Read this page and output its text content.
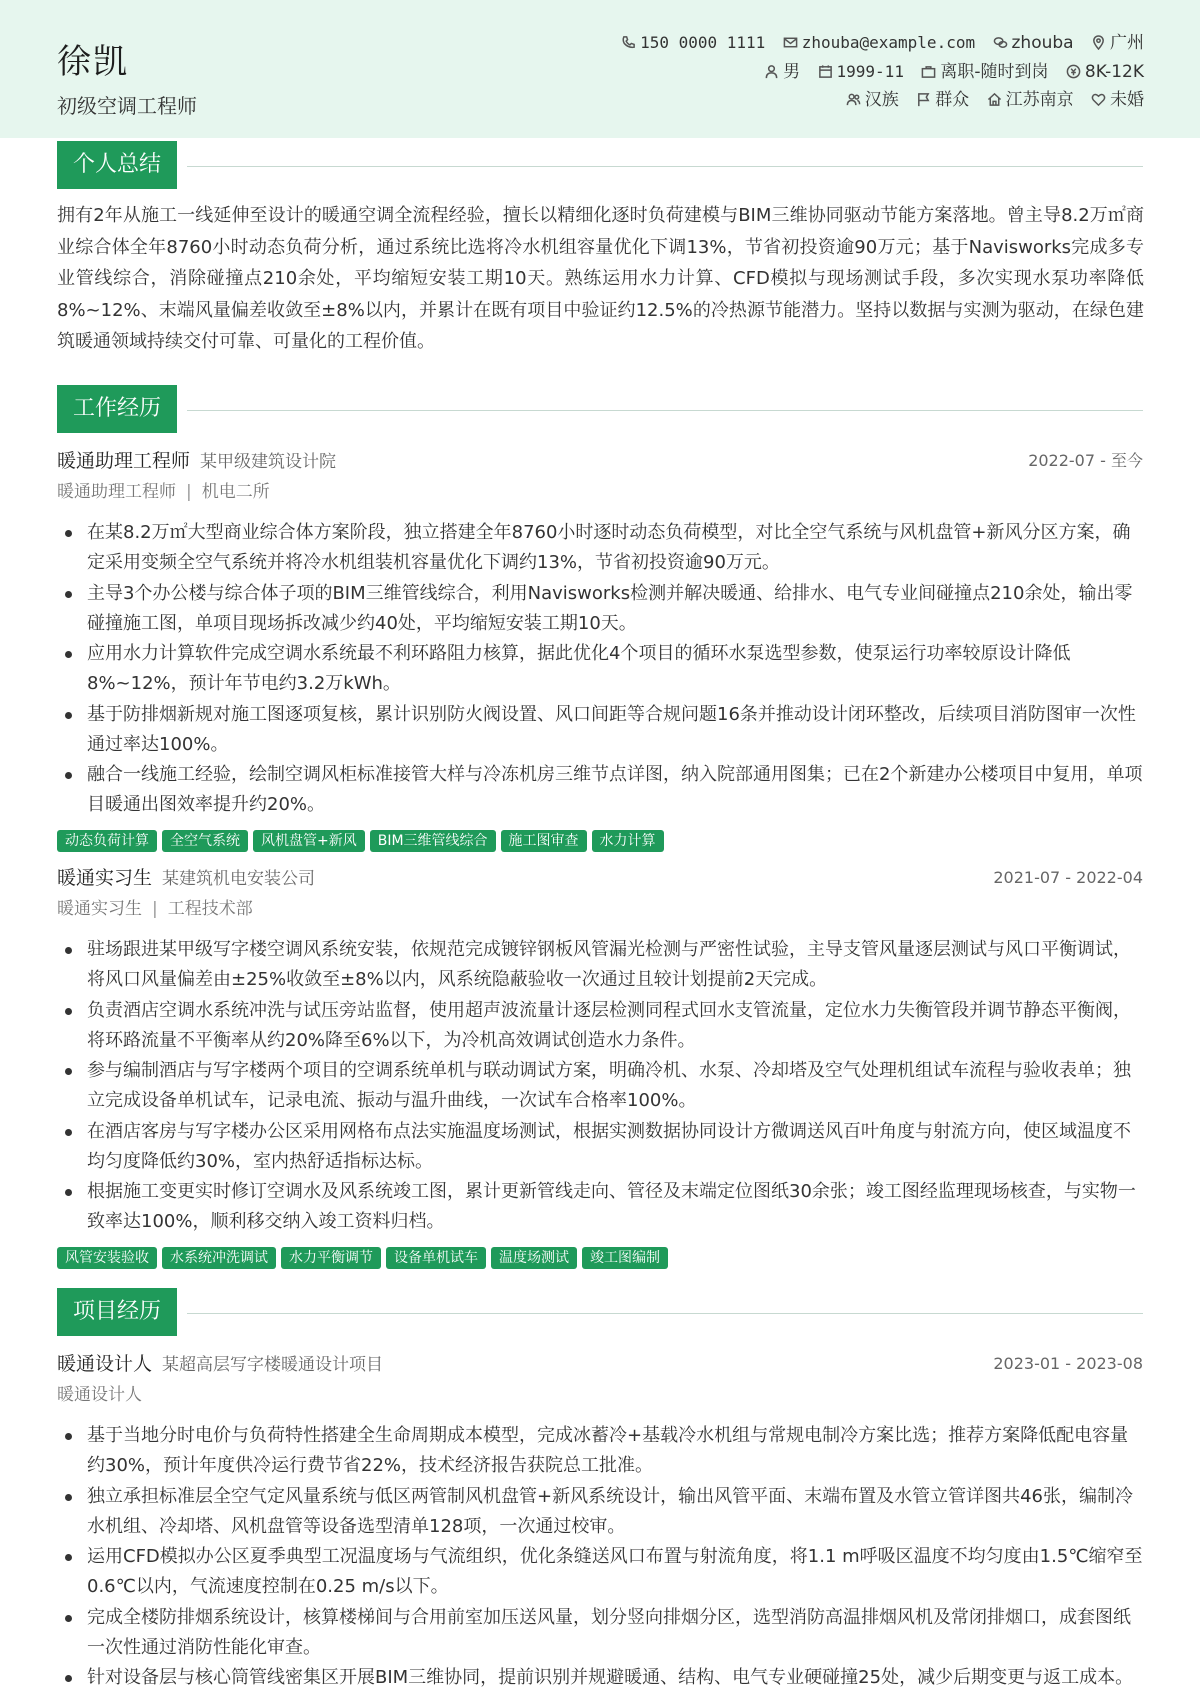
徐凯
初级空调工程师
150 0000 1111 zhouba@example.com zhouba 广州
男 1999-11 离职-随时到岗 8K-12K
汉族 群众 江苏南京 未婚
个人总结
拥有2年从施工一线延伸至设计的暖通空调全流程经验，擅长以精细化逐时负荷建模与BIM三维协同驱动节能方案落地。曾主导8.2万㎡商业综合体全年8760小时动态负荷分析，通过系统比选将冷水机组容量优化下调13%，节省初投资逾90万元；基于Navisworks完成多专业管线综合，消除碰撞点210余处，平均缩短安装工期10天。熟练运用水力计算、CFD模拟与现场测试手段，多次实现水泵功率降低8%~12%、末端风量偏差收敛至±8%以内，并累计在既有项目中验证约12.5%的冷热源节能潜力。坚持以数据与实测为驱动，在绿色建筑暖通领域持续交付可靠、可量化的工程价值。
工作经历
暖通助理工程师 某甲级建筑设计院	2022-07 - 至今
暖通助理工程师 | 机电二所
在某8.2万㎡大型商业综合体方案阶段，独立搭建全年8760小时逐时动态负荷模型，对比全空气系统与风机盘管+新风分区方案，确定采用变频全空气系统并将冷水机组装机容量优化下调约13%，节省初投资逾90万元。
主导3个办公楼与综合体子项的BIM三维管线综合，利用Navisworks检测并解决暖通、给排水、电气专业间碰撞点210余处，输出零碰撞施工图，单项目现场拆改减少约40处，平均缩短安装工期10天。
应用水力计算软件完成空调水系统最不利环路阻力核算，据此优化4个项目的循环水泵选型参数，使泵运行功率较原设计降低8%~12%，预计年节电约3.2万kWh。
基于防排烟新规对施工图逐项复核，累计识别防火阀设置、风口间距等合规问题16条并推动设计闭环整改，后续项目消防图审一次性通过率达100%。
融合一线施工经验，绘制空调风柜标准接管大样与冷冻机房三维节点详图，纳入院部通用图集；已在2个新建办公楼项目中复用，单项目暖通出图效率提升约20%。
动态负荷计算 全空气系统 风机盘管+新风 BIM三维管线综合 施工图审查 水力计算
暖通实习生 某建筑机电安装公司	2021-07 - 2022-04
暖通实习生 | 工程技术部
驻场跟进某甲级写字楼空调风系统安装，依规范完成镀锌钢板风管漏光检测与严密性试验，主导支管风量逐层测试与风口平衡调试，将风口风量偏差由±25%收敛至±8%以内，风系统隐蔽验收一次通过且较计划提前2天完成。
负责酒店空调水系统冲洗与试压旁站监督，使用超声波流量计逐层检测同程式回水支管流量，定位水力失衡管段并调节静态平衡阀，将环路流量不平衡率从约20%降至6%以下，为冷机高效调试创造水力条件。
参与编制酒店与写字楼两个项目的空调系统单机与联动调试方案，明确冷机、水泵、冷却塔及空气处理机组试车流程与验收表单；独立完成设备单机试车，记录电流、振动与温升曲线，一次试车合格率100%。
在酒店客房与写字楼办公区采用网格布点法实施温度场测试，根据实测数据协同设计方微调送风百叶角度与射流方向，使区域温度不均匀度降低约30%，室内热舒适指标达标。
根据施工变更实时修订空调水及风系统竣工图，累计更新管线走向、管径及末端定位图纸30余张；竣工图经监理现场核查，与实物一致率达100%，顺利移交纳入竣工资料归档。
风管安装验收 水系统冲洗调试 水力平衡调节 设备单机试车 温度场测试 竣工图编制
项目经历
暖通设计人 某超高层写字楼暖通设计项目	2023-01 - 2023-08
暖通设计人
基于当地分时电价与负荷特性搭建全生命周期成本模型，完成冰蓄冷+基载冷水机组与常规电制冷方案比选；推荐方案降低配电容量约30%，预计年度供冷运行费节省22%，技术经济报告获院总工批准。
独立承担标准层全空气定风量系统与低区两管制风机盘管+新风系统设计，输出风管平面、末端布置及水管立管详图共46张，编制冷水机组、冷却塔、风机盘管等设备选型清单128项，一次通过校审。
运用CFD模拟办公区夏季典型工况温度场与气流组织，优化条缝送风口布置与射流角度，将1.1 m呼吸区温度不均匀度由1.5℃缩窄至0.6℃以内，气流速度控制在0.25 m/s以下。
完成全楼防排烟系统设计，核算楼梯间与合用前室加压送风量，划分竖向排烟分区，选型消防高温排烟风机及常闭排烟口，成套图纸一次性通过消防性能化审查。
针对设备层与核心筒管线密集区开展BIM三维协同，提前识别并规避暖通、结构、电气专业硬碰撞25处，减少后期变更与返工成本。
